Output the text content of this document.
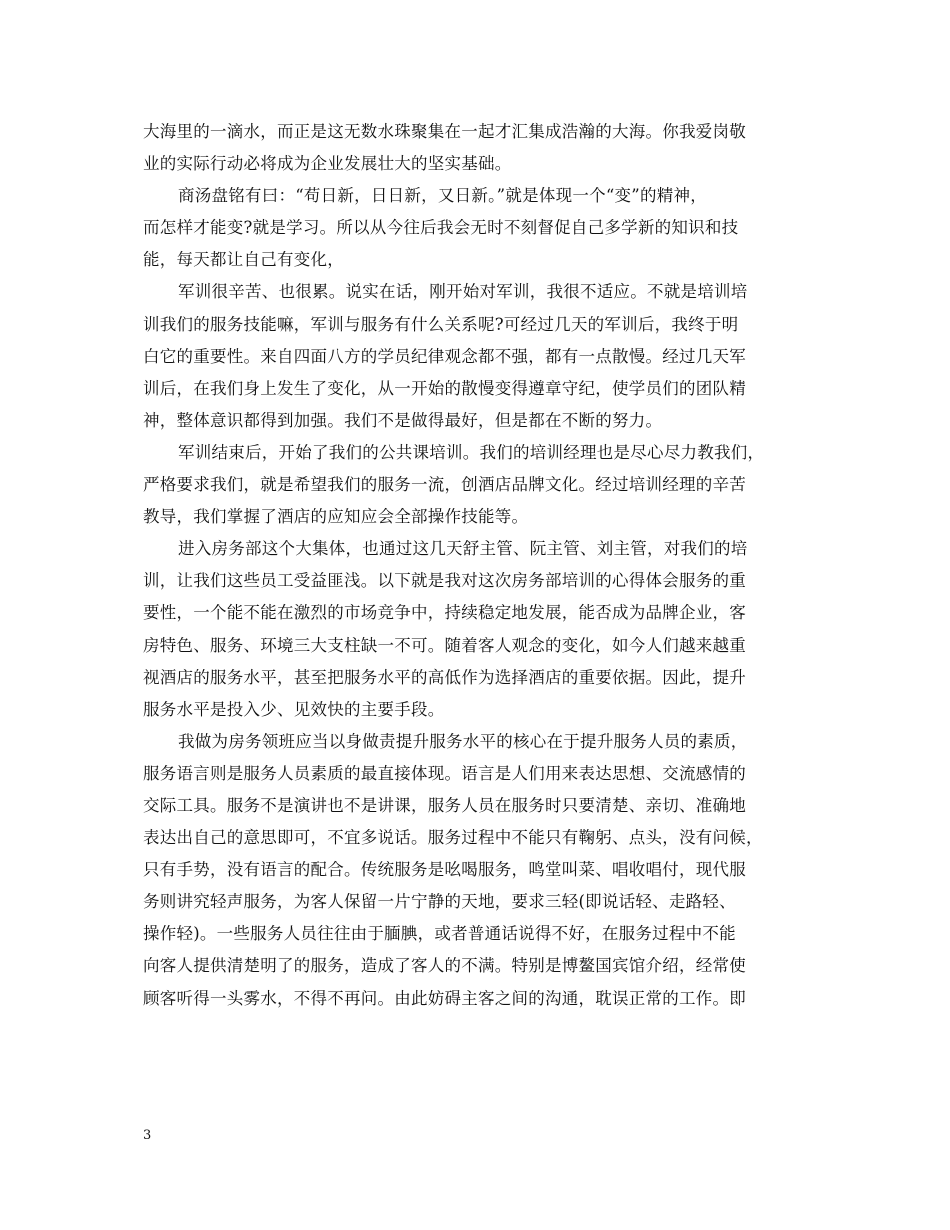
大海里的一滴水，而正是这无数水珠聚集在一起才汇集成浩瀚的大海。你我爱岗敬
业的实际行动必将成为企业发展壮大的坚实基础。
商汤盘铭有曰：“苟日新，日日新，又日新。”就是体现一个“变”的精神，
而怎样才能变?就是学习。所以从今往后我会无时不刻督促自己多学新的知识和技
能，每天都让自己有变化，
军训很辛苦、也很累。说实在话，刚开始对军训，我很不适应。不就是培训培
训我们的服务技能嘛，军训与服务有什么关系呢?可经过几天的军训后，我终于明
白它的重要性。来自四面八方的学员纪律观念都不强，都有一点散慢。经过几天军
训后，在我们身上发生了变化，从一开始的散慢变得遵章守纪，使学员们的团队精
神，整体意识都得到加强。我们不是做得最好，但是都在不断的努力。
军训结束后，开始了我们的公共课培训。我们的培训经理也是尽心尽力教我们，
严格要求我们，就是希望我们的服务一流，创酒店品牌文化。经过培训经理的辛苦
教导，我们掌握了酒店的应知应会全部操作技能等。
进入房务部这个大集体，也通过这几天舒主管、阮主管、刘主管，对我们的培
训，让我们这些员工受益匪浅。以下就是我对这次房务部培训的心得体会服务的重
要性，一个能不能在激烈的市场竞争中，持续稳定地发展，能否成为品牌企业，客
房特色、服务、环境三大支柱缺一不可。随着客人观念的变化，如今人们越来越重
视酒店的服务水平，甚至把服务水平的高低作为选择酒店的重要依据。因此，提升
服务水平是投入少、见效快的主要手段。
我做为房务领班应当以身做责提升服务水平的核心在于提升服务人员的素质，
服务语言则是服务人员素质的最直接体现。语言是人们用来表达思想、交流感情的
交际工具。服务不是演讲也不是讲课，服务人员在服务时只要清楚、亲切、准确地
表达出自己的意思即可，不宜多说话。服务过程中不能只有鞠躬、点头，没有问候，
只有手势，没有语言的配合。传统服务是吆喝服务，鸣堂叫菜、唱收唱付，现代服
务则讲究轻声服务，为客人保留一片宁静的天地，要求三轻(即说话轻、走路轻、
操作轻)。一些服务人员往往由于腼腆，或者普通话说得不好，在服务过程中不能
向客人提供清楚明了的服务，造成了客人的不满。特别是博鳌国宾馆介绍，经常使
顾客听得一头雾水，不得不再问。由此妨碍主客之间的沟通，耽误正常的工作。即
3
